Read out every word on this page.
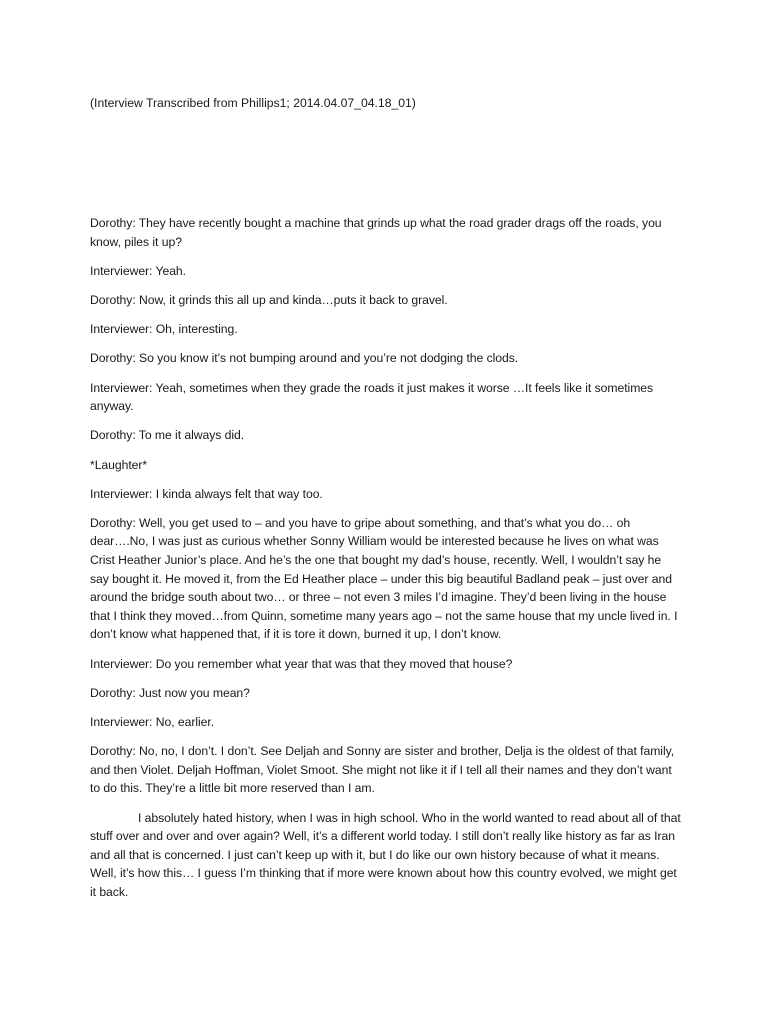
(Interview Transcribed from Phillips1; 2014.04.07_04.18_01)

Dorothy: They have recently bought a machine that grinds up what the road grader drags off the roads, you know, piles it up?

Interviewer: Yeah.

Dorothy: Now, it grinds this all up and kinda…puts it back to gravel.

Interviewer: Oh, interesting.

Dorothy: So you know it’s not bumping around and you’re not dodging the clods.

Interviewer: Yeah, sometimes when they grade the roads it just makes it worse …It feels like it sometimes anyway.

Dorothy: To me it always did.

*Laughter*

Interviewer: I kinda always felt that way too.

Dorothy: Well, you get used to – and you have to gripe about something, and that’s what you do… oh dear….No, I was just as curious whether Sonny William would be interested because he lives on what was Crist Heather Junior’s place. And he’s the one that bought my dad’s house, recently. Well, I wouldn’t say he say bought it. He moved it, from the Ed Heather place – under this big beautiful Badland peak – just over and around the bridge south about two… or three – not even 3 miles I’d imagine. They’d been living in the house that I think they moved…from Quinn, sometime many years ago – not the same house that my uncle lived in. I don’t know what happened that, if it is tore it down, burned it up, I don’t know.

Interviewer: Do you remember what year that was that they moved that house?

Dorothy: Just now you mean?

Interviewer: No, earlier.

Dorothy: No, no, I don’t. I don’t. See Deljah and Sonny are sister and brother, Delja is the oldest of that family, and then Violet. Deljah Hoffman, Violet Smoot. She might not like it if I tell all their names and they don’t want to do this. They’re a little bit more reserved than I am.

I absolutely hated history, when I was in high school. Who in the world wanted to read about all of that stuff over and over and over again? Well, it’s a different world today. I still don’t really like history as far as Iran and all that is concerned. I just can’t keep up with it, but I do like our own history because of what it means. Well, it’s how this… I guess I’m thinking that if more were known about how this country evolved, we might get it back.
